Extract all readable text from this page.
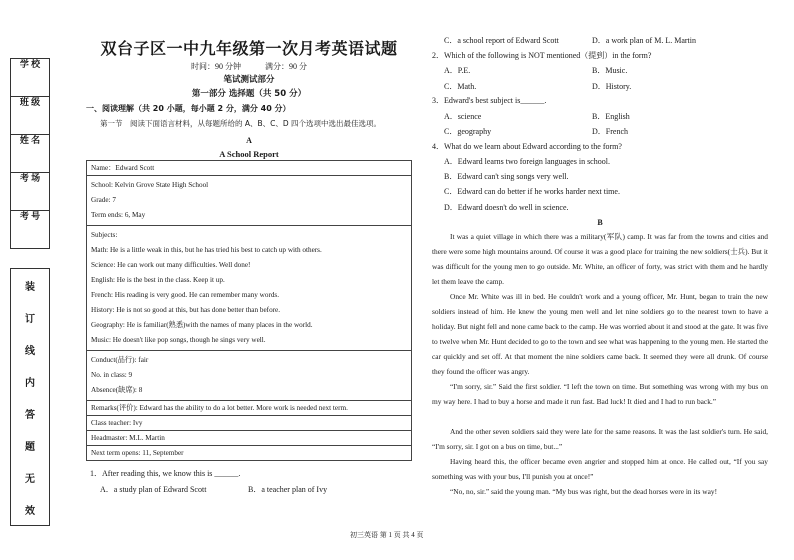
学 校
班 级
姓 名
考 场
考 号
装
订
线
内
答
题
无
效
双台子区一中九年级第一次月考英语试题
时间：90 分钟　　　满分：90 分
笔试测试部分
第一部分 选择题（共 50 分）
一、阅读理解（共 20 小题，每小题 2 分，满分 40 分）
第一节　阅读下面语言材料，从每题所给的 A、B、C、D 四个选项中选出最佳选项。
A
A School Report
Name：Edward Scott

School: Kelvin Grove State High School
Grade: 7
Term ends: 6, May

Subjects:
Math: He is a little weak in this, but he has tried his best to catch up with others.
Science: He can work out many difficulties. Well done!
English: He is the best in the class. Keep it up.
French: His reading is very good. He can remember many words.
History: He is not so good at this, but has done better than before.
Geography: He is familiar(熟悉)with the names of many places in the world.
Music: He doesn't like pop songs, though he sings very well.

Conduct(品行): fair
No. in class: 9
Absence(缺席): 8

Remarks(评价): Edward has the ability to do a lot better. More work is needed next term.
Class teacher: Ivy
Headmaster: M.L. Martin
Next term opens: 11, September
1．After reading this, we know this is ______.
A．a study plan of Edward Scott	B．a teacher plan of Ivy
C．a school report of Edward Scott	D．a work plan of M. L. Martin
2．Which of the following is NOT mentioned（提到）in the form?
A．P.E.	B．Music.
C．Math.	D．History.
3．Edward's best subject is______.
A．science	B．English
C．geography	D．French
4．What do we learn about Edward according to the form?
A．Edward learns two foreign languages in school.
B．Edward can't sing songs very well.
C．Edward can do better if he works harder next time.
D．Edward doesn't do well in science.
B
It was a quiet village in which there was a military(军队) camp. It was far from the towns and cities and there were some high mountains around. Of course it was a good place for training the new soldiers(士兵). But it was difficult for the young men to go outside. Mr. White, an officer of forty, was strict with them and he hardly let them leave the camp.
Once Mr. White was ill in bed. He couldn't work and a young officer, Mr. Hunt, began to train the new soldiers instead of him. He knew the young men well and let nine soldiers go to the nearest town to have a holiday. But night fell and none came back to the camp. He was worried about it and stood at the gate. It was five to twelve when Mr. Hunt decided to go to the town and see what was happening to the young men. He started the car quickly and set off. At that moment the nine soldiers came back. It seemed they were all drunk. Of course they found the officer was angry.
“I'm sorry, sir.” Said the first soldier. “I left the town on time. But something was wrong with my bus on my way here. I had to buy a horse and made it run fast. Bad luck! It died and I had to run back.”
And the other seven soldiers said they were late for the same reasons. It was the last soldier's turn. He said, “I'm sorry, sir. I got on a bus on time, but...”
Having heard this, the officer became even angrier and stopped him at once. He called out, “If you say something was with your bus, I'll punish you at once!”
“No, no, sir.” said the young man. “My bus was right, but the dead horses were in its way!
初三英语 第 1 页 共 4 页
